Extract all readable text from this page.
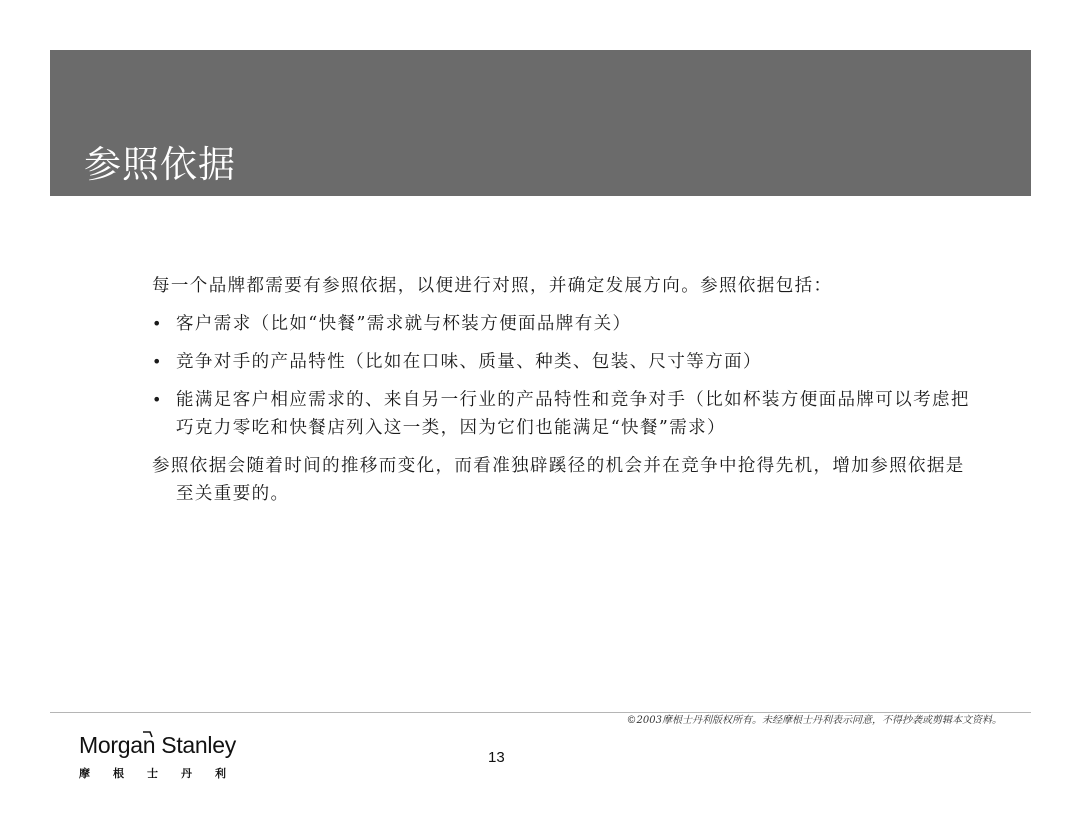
参照依据

每一个品牌都需要有参照依据，以便进行对照，并确定发展方向。参照依据包括：

• 客户需求（比如“快餐”需求就与杯装方便面品牌有关）
• 竞争对手的产品特性（比如在口味、质量、种类、包装、尺寸等方面）
• 能满足客户相应需求的、来自另一行业的产品特性和竞争对手（比如杯装方便面品牌可以考虑把巧克力零吃和快餐店列入这一类，因为它们也能满足“快餐”需求）

参照依据会随着时间的推移而变化，而看准独辟蹊径的机会并在竞争中抢得先机，增加参照依据是至关重要的。

©2003摩根士丹利版权所有。未经摩根士丹利表示同意，不得抄袭或剪辑本文资料。
Morgan Stanley
摩根士丹利
13
